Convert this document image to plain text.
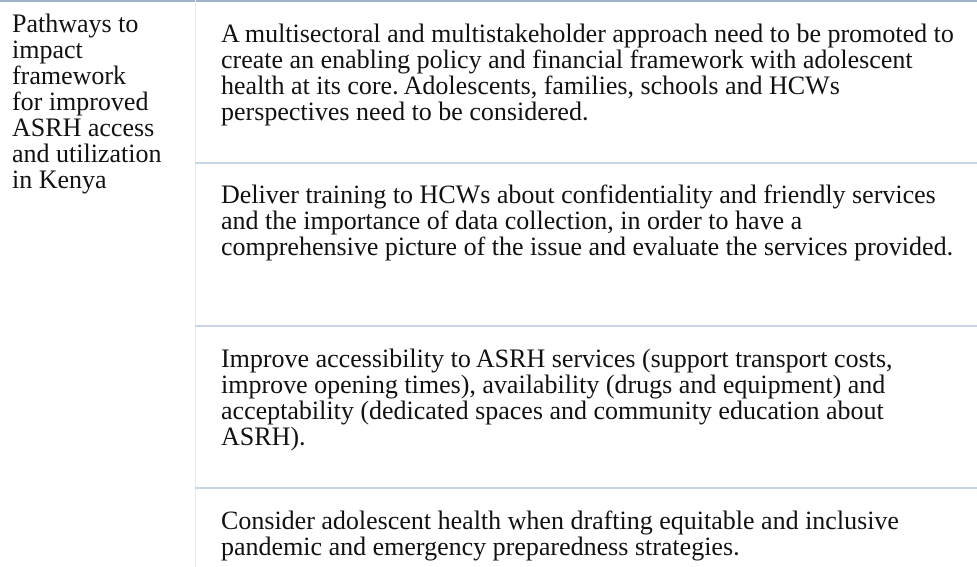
Pathways to
impact
framework
for improved
ASRH access
and utilization
in Kenya

A multisectoral and multistakeholder approach need to be promoted to create an enabling policy and financial framework with adolescent health at its core. Adolescents, families, schools and HCWs perspectives need to be considered.

Deliver training to HCWs about confidentiality and friendly services and the importance of data collection, in order to have a comprehensive picture of the issue and evaluate the services provided.

Improve accessibility to ASRH services (support transport costs, improve opening times), availability (drugs and equipment) and acceptability (dedicated spaces and community education about ASRH).

Consider adolescent health when drafting equitable and inclusive pandemic and emergency preparedness strategies.
